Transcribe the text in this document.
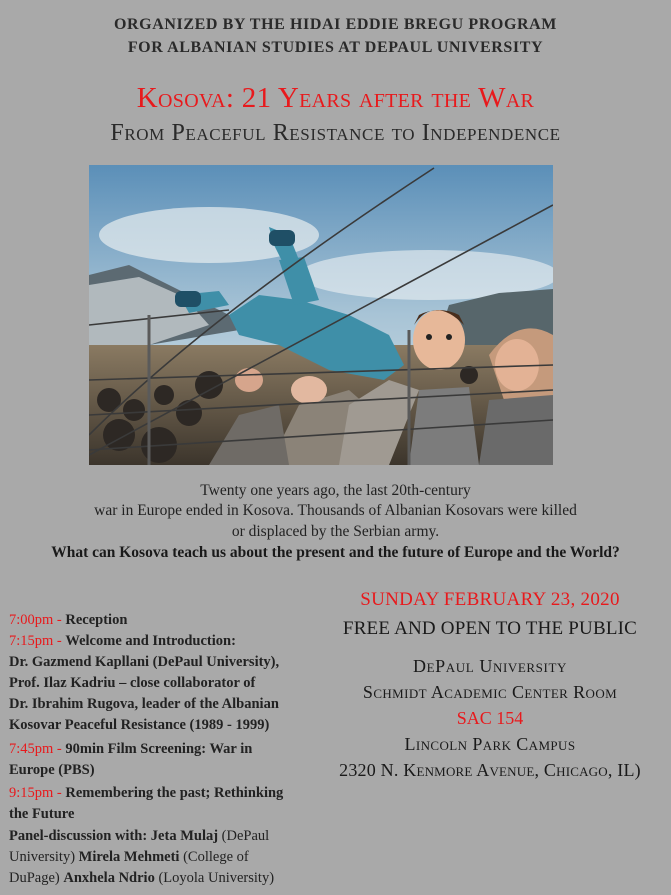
ORGANIZED BY THE HIDAI EDDIE BREGU PROGRAM
FOR ALBANIAN STUDIES AT DEPAUL UNIVERSITY
Kosova: 21 Years after the War
From Peaceful Resistance to Independence
Twenty one years ago, the last 20th-century
war in Europe ended in Kosova. Thousands of Albanian Kosovars were killed
or displaced by the Serbian army.
What can Kosova teach us about the present and the future of Europe and the World?
7:00pm - Reception
7:15pm - Welcome and Introduction:
Dr. Gazmend Kapllani (DePaul University),
Prof. Ilaz Kadriu – close collaborator of
Dr. Ibrahim Rugova, leader of the Albanian
Kosovar Peaceful Resistance (1989 - 1999)
7:45pm - 90min Film Screening: War in
Europe (PBS)
9:15pm - Remembering the past; Rethinking
the Future
Panel-discussion with: Jeta Mulaj (DePaul
University) Mirela Mehmeti (College of
DuPage) Anxhela Ndrio (Loyola University)
SUNDAY FEBRUARY 23, 2020
FREE AND OPEN TO THE PUBLIC
DePaul University
Schmidt Academic Center Room
SAC 154
Lincoln Park Campus
2320 N. Kenmore Avenue, Chicago, IL)
